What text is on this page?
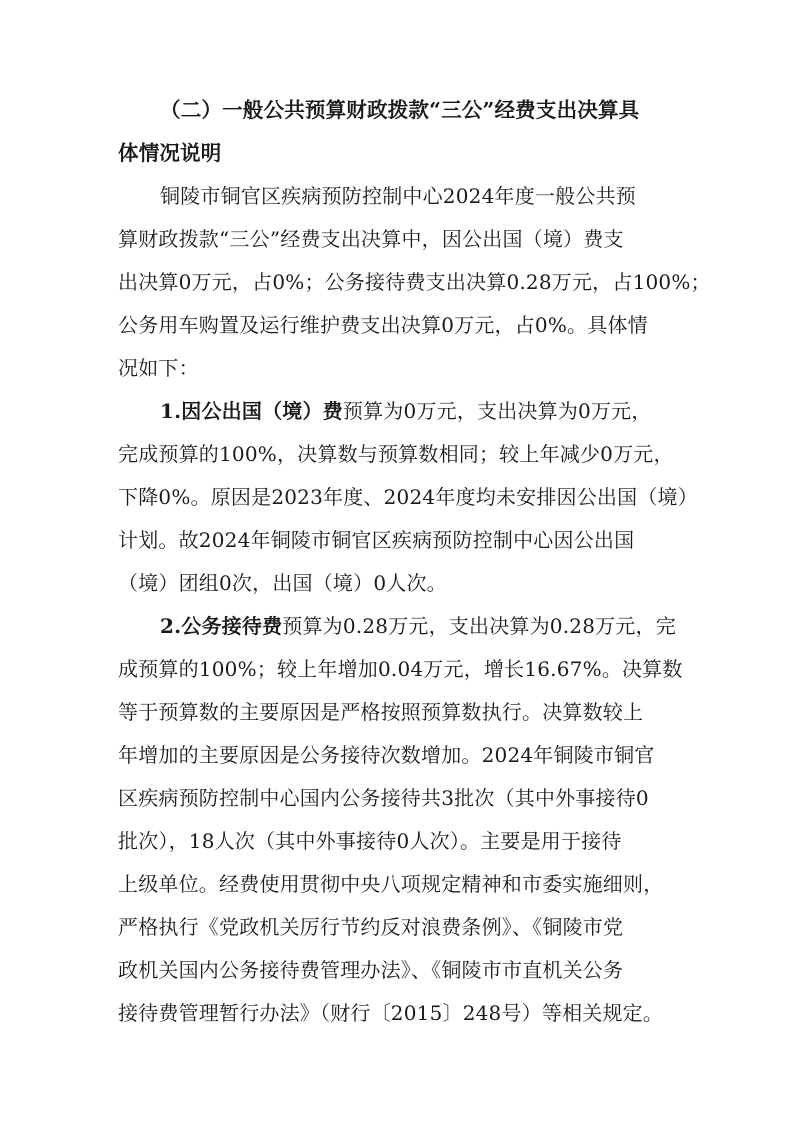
（二）一般公共预算财政拨款“三公”经费支出决算具
体情况说明
铜陵市铜官区疾病预防控制中心2024年度一般公共预
算财政拨款“三公”经费支出决算中，因公出国（境）费支
出决算0万元，占0%；公务接待费支出决算0.28万元，占100%；
公务用车购置及运行维护费支出决算0万元，占0%。具体情
况如下：
1.因公出国（境）费预算为0万元，支出决算为0万元，
完成预算的100%，决算数与预算数相同；较上年减少0万元，
下降0%。原因是2023年度、2024年度均未安排因公出国（境）
计划。故2024年铜陵市铜官区疾病预防控制中心因公出国
（境）团组0次，出国（境）0人次。
2.公务接待费预算为0.28万元，支出决算为0.28万元，完
成预算的100%；较上年增加0.04万元，增长16.67%。决算数
等于预算数的主要原因是严格按照预算数执行。决算数较上
年增加的主要原因是公务接待次数增加。2024年铜陵市铜官
区疾病预防控制中心国内公务接待共3批次（其中外事接待0
批次），18人次（其中外事接待0人次）。主要是用于接待
上级单位。经费使用贯彻中央八项规定精神和市委实施细则，
严格执行《党政机关厉行节约反对浪费条例》、《铜陵市党
政机关国内公务接待费管理办法》、《铜陵市市直机关公务
接待费管理暂行办法》（财行〔2015〕248号）等相关规定。
